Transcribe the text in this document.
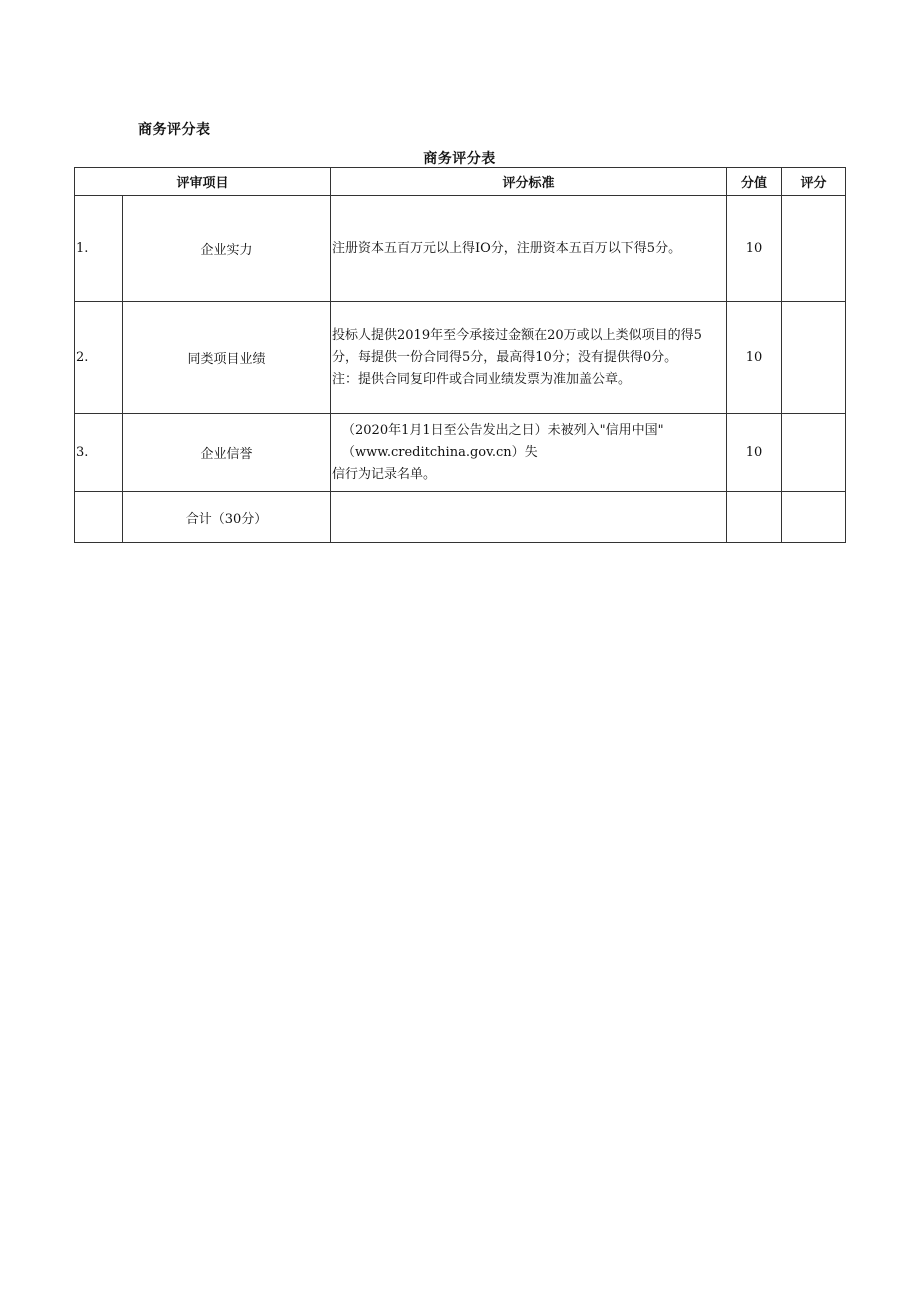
商务评分表
商务评分表
评审项目		评分标准	分值	评分
1.	企业实力	注册资本五百万元以上得IO分，注册资本五百万以下得5分。	10	
2.	同类项目业绩	投标人提供2019年至今承接过金额在20万或以上类似项目的得5分，每提供一份合同得5分，最高得10分；没有提供得0分。

注：提供合同复印件或合同业绩发票为准加盖公章。	10	
3.	企业信誉	（2020年1月1日至公告发出之日）未被列入"信用中国"

（www.creditchina.gov.cn）失

信行为记录名单。	10	
	合计（30分）			
